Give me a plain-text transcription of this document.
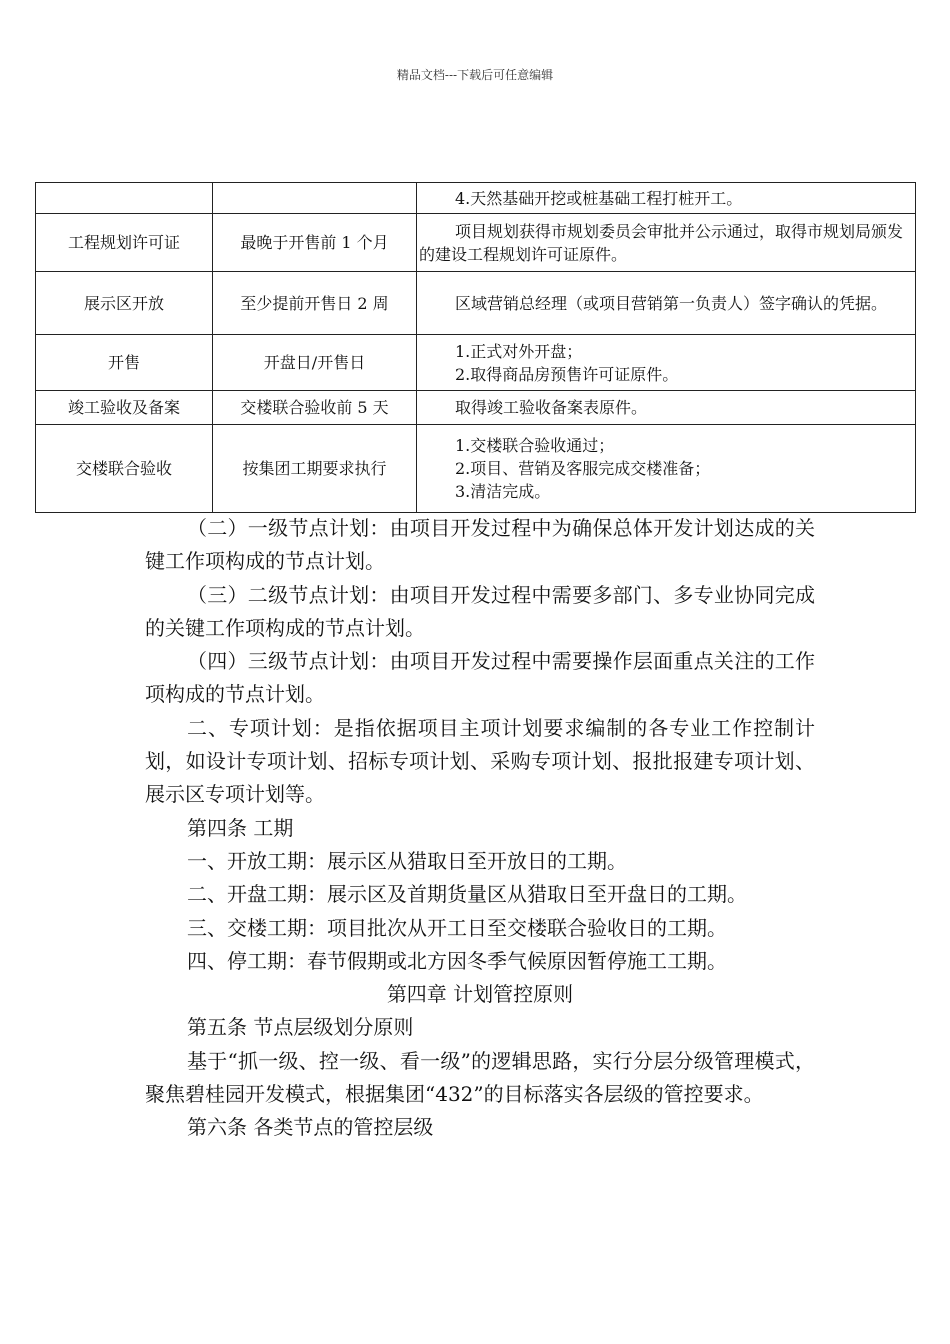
精品文档---下载后可任意编辑

		4.天然基础开挖或桩基础工程打桩开工。

工程规划许可证	最晚于开售前 1 个月	项目规划获得市规划委员会审批并公示通过，取得市规划局颁发的建设工程规划许可证原件。

展示区开放	至少提前开售日 2 周	区域营销总经理（或项目营销第一负责人）签字确认的凭据。

开售	开盘日/开售日	1.正式对外开盘；
2.取得商品房预售许可证原件。

竣工验收及备案	交楼联合验收前 5 天	取得竣工验收备案表原件。

交楼联合验收	按集团工期要求执行	1.交楼联合验收通过；
2.项目、营销及客服完成交楼准备；
3.清洁完成。

（二）一级节点计划：由项目开发过程中为确保总体开发计划达成的关键工作项构成的节点计划。

（三）二级节点计划：由项目开发过程中需要多部门、多专业协同完成的关键工作项构成的节点计划。

（四）三级节点计划：由项目开发过程中需要操作层面重点关注的工作项构成的节点计划。

二、专项计划：是指依据项目主项计划要求编制的各专业工作控制计划，如设计专项计划、招标专项计划、采购专项计划、报批报建专项计划、展示区专项计划等。

第四条 工期

一、开放工期：展示区从猎取日至开放日的工期。

二、开盘工期：展示区及首期货量区从猎取日至开盘日的工期。

三、交楼工期：项目批次从开工日至交楼联合验收日的工期。

四、停工期：春节假期或北方因冬季气候原因暂停施工工期。

第四章 计划管控原则

第五条 节点层级划分原则

基于“抓一级、控一级、看一级”的逻辑思路，实行分层分级管理模式，聚焦碧桂园开发模式，根据集团“432”的目标落实各层级的管控要求。

第六条 各类节点的管控层级
